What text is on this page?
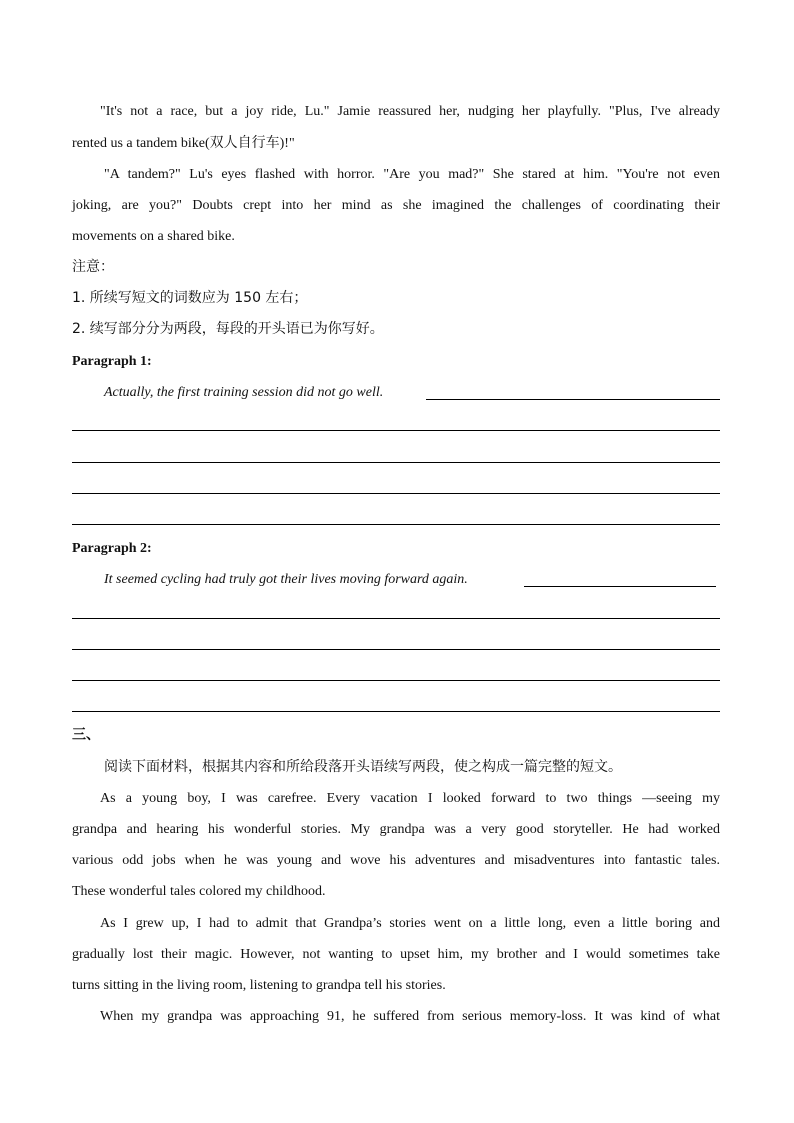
"It's not a race, but a joy ride, Lu." Jamie reassured her, nudging her playfully. "Plus, I've already
rented us a tandem bike(双人自行车)!"
"A tandem?" Lu's eyes flashed with horror. "Are you mad?" She stared at him. "You're not even
joking, are you?" Doubts crept into her mind as she imagined the challenges of coordinating their
movements on a shared bike.
注意：
1. 所续写短文的词数应为 150 左右；
2. 续写部分分为两段，每段的开头语已为你写好。
Paragraph 1:
Actually, the first training session did not go well.
Paragraph 2:
It seemed cycling had truly got their lives moving forward again.
三、
阅读下面材料，根据其内容和所给段落开头语续写两段，使之构成一篇完整的短文。
As a young boy, I was carefree. Every vacation I looked forward to two things —seeing my
grandpa and hearing his wonderful stories. My grandpa was a very good storyteller. He had worked
various odd jobs when he was young and wove his adventures and misadventures into fantastic tales.
These wonderful tales colored my childhood.
As I grew up, I had to admit that Grandpa’s stories went on a little long, even a little boring and
gradually lost their magic. However, not wanting to upset him, my brother and I would sometimes take
turns sitting in the living room, listening to grandpa tell his stories.
When my grandpa was approaching 91, he suffered from serious memory-loss. It was kind of what
